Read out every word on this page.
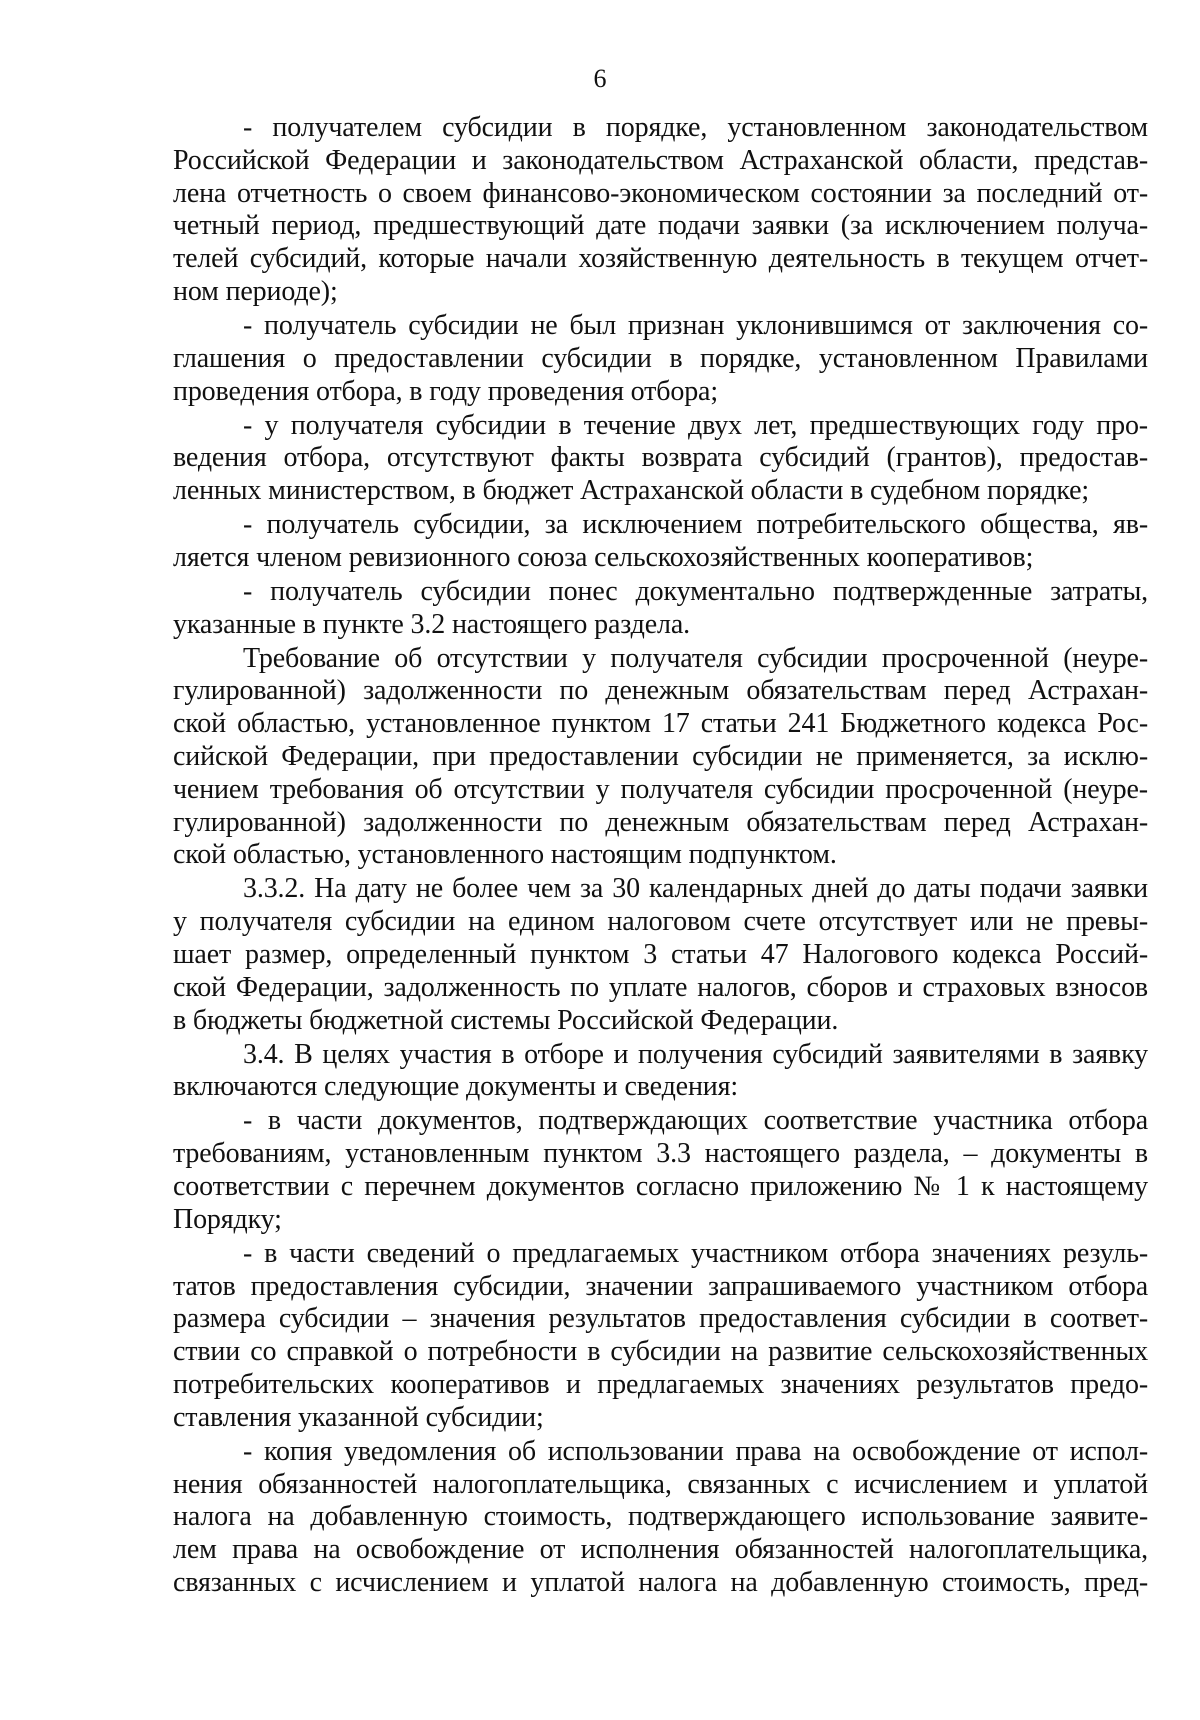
6
- получателем субсидии в порядке, установленном законодательством
Российской Федерации и законодательством Астраханской области, представ-
лена отчетность о своем финансово-экономическом состоянии за последний от-
четный период, предшествующий дате подачи заявки (за исключением получа-
телей субсидий, которые начали хозяйственную деятельность в текущем отчет-
ном периоде);
- получатель субсидии не был признан уклонившимся от заключения со-
глашения о предоставлении субсидии в порядке, установленном Правилами
проведения отбора, в году проведения отбора;
- у получателя субсидии в течение двух лет, предшествующих году про-
ведения отбора, отсутствуют факты возврата субсидий (грантов), предостав-
ленных министерством, в бюджет Астраханской области в судебном порядке;
- получатель субсидии, за исключением потребительского общества, яв-
ляется членом ревизионного союза сельскохозяйственных кооперативов;
- получатель субсидии понес документально подтвержденные затраты,
указанные в пункте 3.2 настоящего раздела.
Требование об отсутствии у получателя субсидии просроченной (неуре-
гулированной) задолженности по денежным обязательствам перед Астрахан-
ской областью, установленное пунктом 17 статьи 241 Бюджетного кодекса Рос-
сийской Федерации, при предоставлении субсидии не применяется, за исклю-
чением требования об отсутствии у получателя субсидии просроченной (неуре-
гулированной) задолженности по денежным обязательствам перед Астрахан-
ской областью, установленного настоящим подпунктом.
3.3.2. На дату не более чем за 30 календарных дней до даты подачи заявки
у получателя субсидии на едином налоговом счете отсутствует или не превы-
шает размер, определенный пунктом 3 статьи 47 Налогового кодекса Россий-
ской Федерации, задолженность по уплате налогов, сборов и страховых взносов
в бюджеты бюджетной системы Российской Федерации.
3.4. В целях участия в отборе и получения субсидий заявителями в заявку
включаются следующие документы и сведения:
- в части документов, подтверждающих соответствие участника отбора
требованиям, установленным пунктом 3.3 настоящего раздела, – документы в
соответствии с перечнем документов согласно приложению № 1 к настоящему
Порядку;
- в части сведений о предлагаемых участником отбора значениях резуль-
татов предоставления субсидии, значении запрашиваемого участником отбора
размера субсидии – значения результатов предоставления субсидии в соответ-
ствии со справкой о потребности в субсидии на развитие сельскохозяйственных
потребительских кооперативов и предлагаемых значениях результатов предо-
ставления указанной субсидии;
- копия уведомления об использовании права на освобождение от испол-
нения обязанностей налогоплательщика, связанных с исчислением и уплатой
налога на добавленную стоимость, подтверждающего использование заявите-
лем права на освобождение от исполнения обязанностей налогоплательщика,
связанных с исчислением и уплатой налога на добавленную стоимость, пред-
